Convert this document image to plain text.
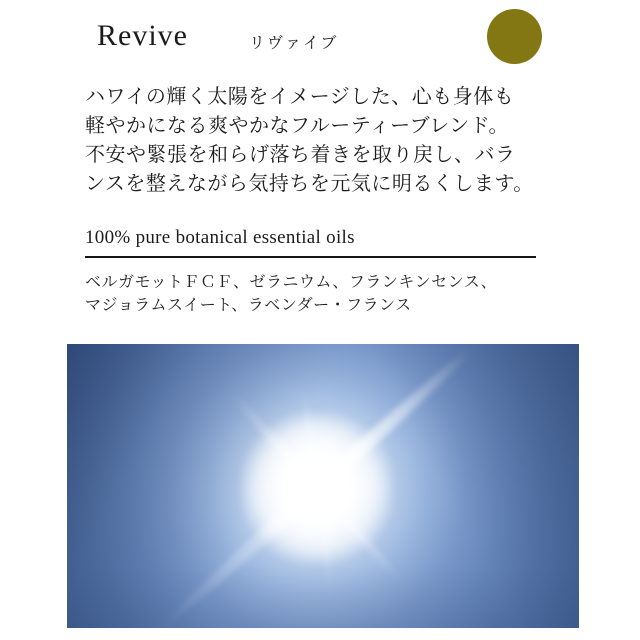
Revive	リヴァイブ
ハワイの輝く太陽をイメージした、心も身体も
軽やかになる爽やかなフルーティーブレンド。
不安や緊張を和らげ落ち着きを取り戻し、バラ
ンスを整えながら気持ちを元気に明るくします。
100% pure botanical essential oils
ベルガモットＦＣＦ、ゼラニウム、フランキンセンス、
マジョラムスイート、ラベンダー・フランス
